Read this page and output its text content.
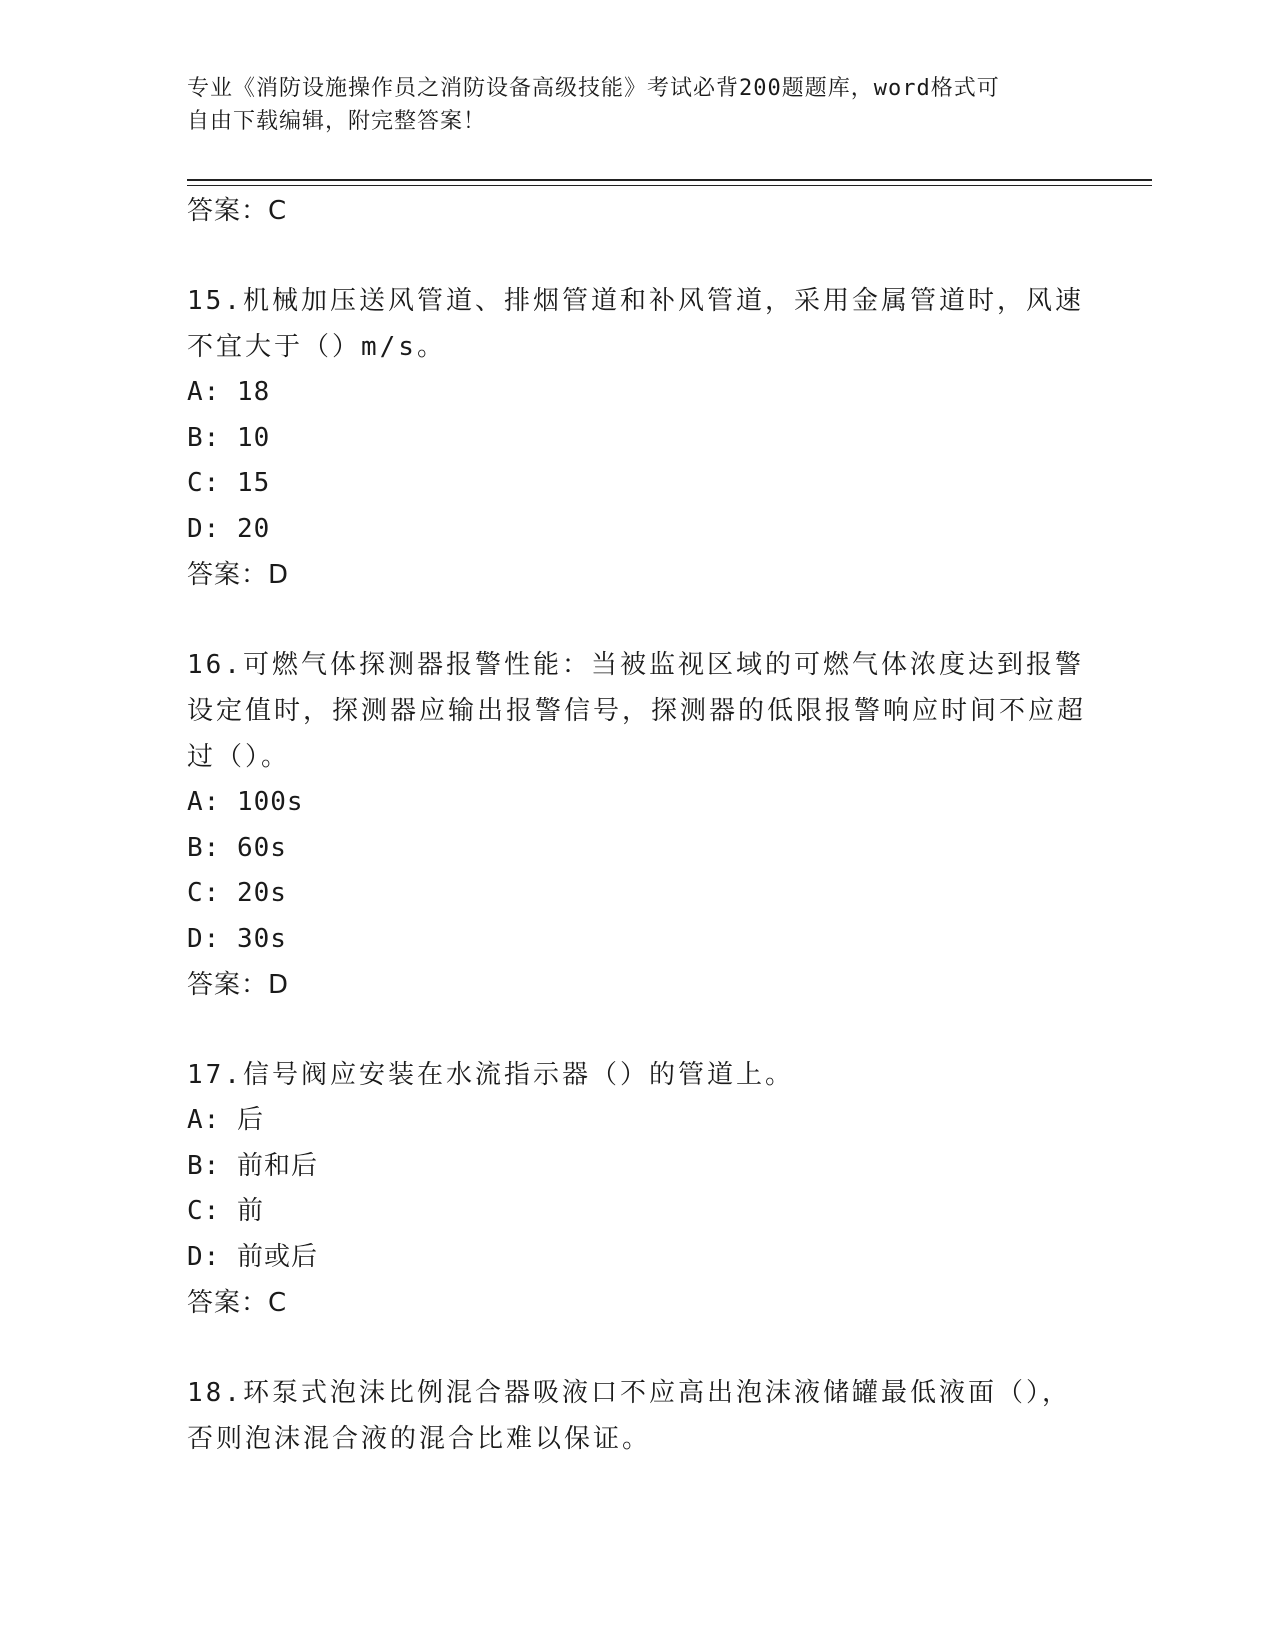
专业《消防设施操作员之消防设备高级技能》考试必背200题题库，word格式可
自由下载编辑，附完整答案！

答案：C

15.机械加压送风管道、排烟管道和补风管道，采用金属管道时，风速不宜大于（）m/s。

A: 18

B: 10

C: 15

D: 20

答案：D

16.可燃气体探测器报警性能：当被监视区域的可燃气体浓度达到报警设定值时，探测器应输出报警信号，探测器的低限报警响应时间不应超过（）。

A: 100s

B: 60s

C: 20s

D: 30s

答案：D

17.信号阀应安装在水流指示器（）的管道上。

A: 后

B: 前和后

C: 前

D: 前或后

答案：C

18.环泵式泡沫比例混合器吸液口不应高出泡沫液储罐最低液面（），否则泡沫混合液的混合比难以保证。
